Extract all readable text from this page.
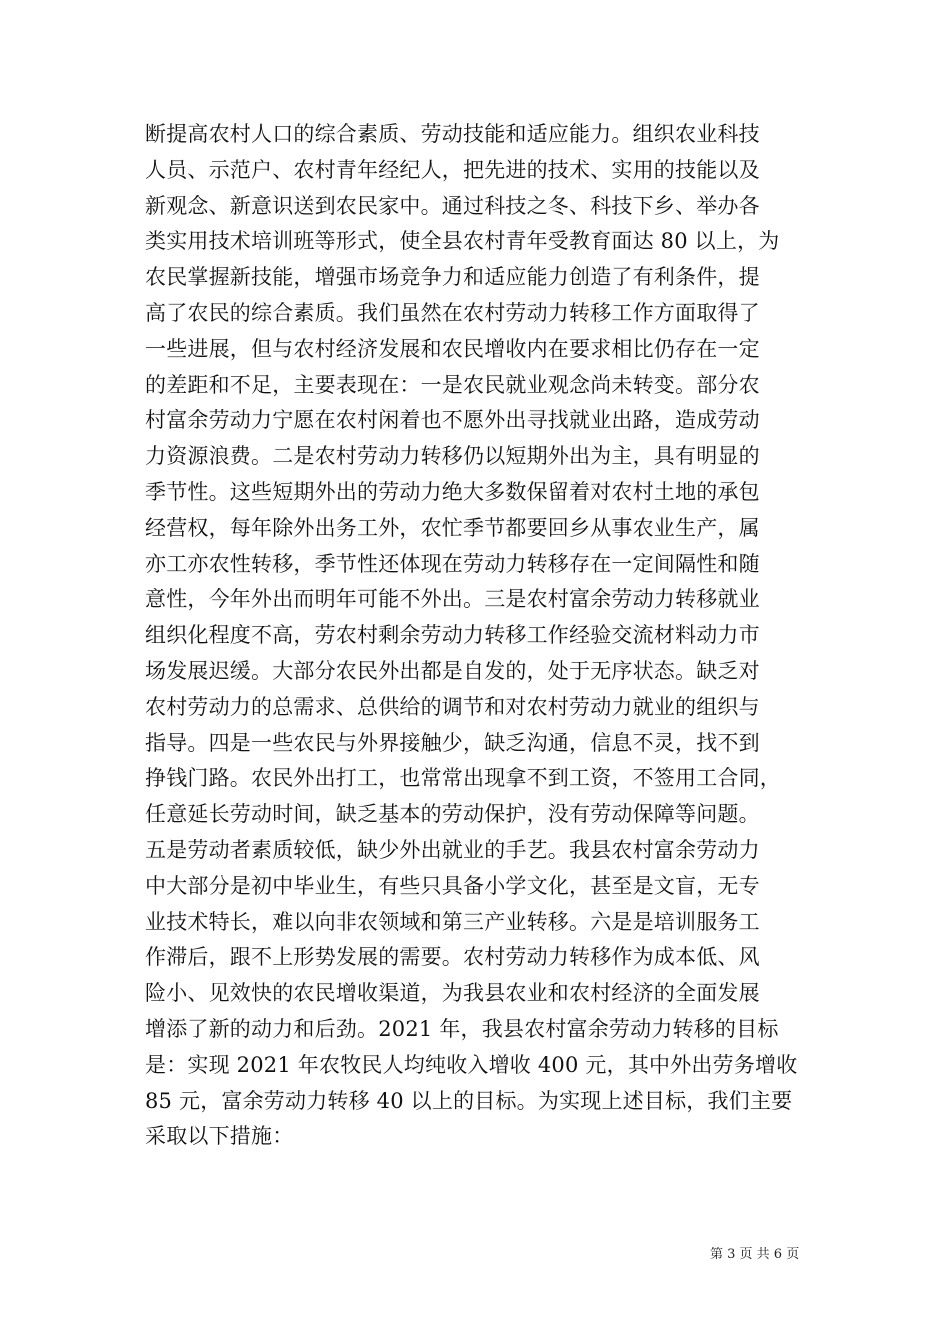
断提高农村人口的综合素质、劳动技能和适应能力。组织农业科技
人员、示范户、农村青年经纪人，把先进的技术、实用的技能以及
新观念、新意识送到农民家中。通过科技之冬、科技下乡、举办各
类实用技术培训班等形式，使全县农村青年受教育面达 80 以上，为
农民掌握新技能，增强市场竞争力和适应能力创造了有利条件，提
高了农民的综合素质。我们虽然在农村劳动力转移工作方面取得了
一些进展，但与农村经济发展和农民增收内在要求相比仍存在一定
的差距和不足，主要表现在：一是农民就业观念尚未转变。部分农
村富余劳动力宁愿在农村闲着也不愿外出寻找就业出路，造成劳动
力资源浪费。二是农村劳动力转移仍以短期外出为主，具有明显的
季节性。这些短期外出的劳动力绝大多数保留着对农村土地的承包
经营权，每年除外出务工外，农忙季节都要回乡从事农业生产，属
亦工亦农性转移，季节性还体现在劳动力转移存在一定间隔性和随
意性，今年外出而明年可能不外出。三是农村富余劳动力转移就业
组织化程度不高，劳农村剩余劳动力转移工作经验交流材料动力市
场发展迟缓。大部分农民外出都是自发的，处于无序状态。缺乏对
农村劳动力的总需求、总供给的调节和对农村劳动力就业的组织与
指导。四是一些农民与外界接触少，缺乏沟通，信息不灵，找不到
挣钱门路。农民外出打工，也常常出现拿不到工资，不签用工合同，
任意延长劳动时间，缺乏基本的劳动保护，没有劳动保障等问题。
五是劳动者素质较低，缺少外出就业的手艺。我县农村富余劳动力
中大部分是初中毕业生，有些只具备小学文化，甚至是文盲，无专
业技术特长，难以向非农领域和第三产业转移。六是是培训服务工
作滞后，跟不上形势发展的需要。农村劳动力转移作为成本低、风
险小、见效快的农民增收渠道，为我县农业和农村经济的全面发展
增添了新的动力和后劲。2021 年，我县农村富余劳动力转移的目标
是：实现 2021 年农牧民人均纯收入增收 400 元，其中外出劳务增收
85 元，富余劳动力转移 40 以上的目标。为实现上述目标，我们主要
采取以下措施：
第 3 页 共 6 页
